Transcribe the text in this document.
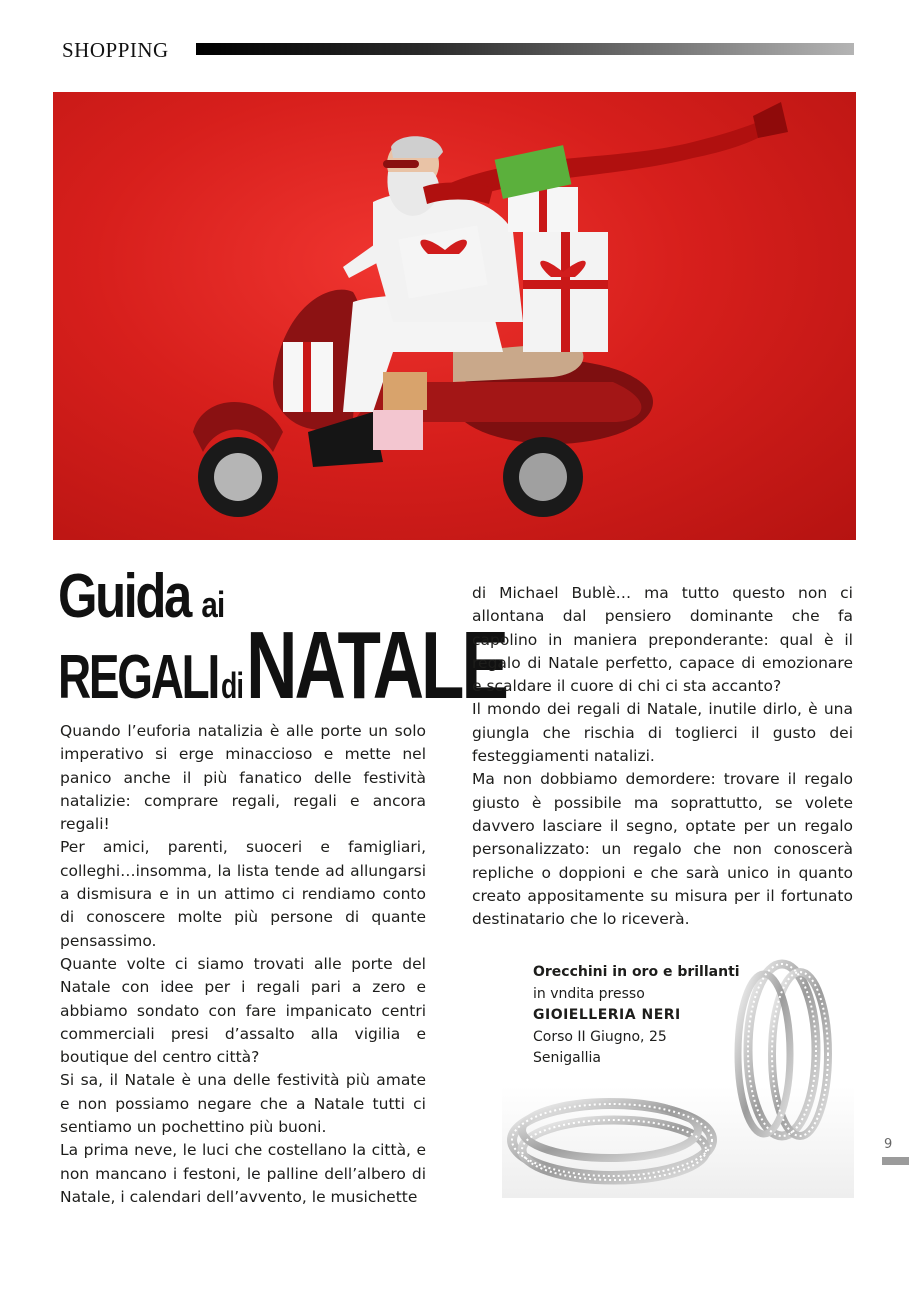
SHOPPING
Guida ai
REGALIdiNATALE

Quando l’euforia natalizia è alle porte un solo imperativo si erge minaccioso e mette nel panico anche il più fanatico delle festività natalizie: comprare regali, regali e ancora regali!

Per amici, parenti, suoceri e famigliari, colleghi…insomma, la lista tende ad allungarsi a dismisura e in un attimo ci rendiamo conto di conoscere molte più persone di quante pensassimo.

Quante volte ci siamo trovati alle porte del Natale con idee per i regali pari a zero e abbiamo sondato con fare impanicato centri commerciali presi d’assalto alla vigilia e boutique del centro città?

Si sa, il Natale è una delle festività più amate e non possiamo negare che a Natale tutti ci sentiamo un pochettino più buoni.

La prima neve, le luci che costellano la città, e non mancano i festoni, le palline dell’albero di Natale, i calendari dell’avvento, le musichette

di Michael Bublè… ma tutto questo non ci allontana dal pensiero dominante che fa capolino in maniera preponderante: qual è il regalo di Natale perfetto, capace di emozionare e scaldare il cuore di chi ci sta accanto?

Il mondo dei regali di Natale, inutile dirlo, è una giungla che rischia di toglierci il gusto dei festeggiamenti natalizi.

Ma non dobbiamo demordere: trovare il regalo giusto è possibile ma soprattutto, se volete davvero lasciare il segno, optate per un regalo personalizzato: un regalo che non conoscerà repliche o doppioni e che sarà unico in quanto creato appositamente su misura per il fortunato destinatario che lo riceverà.

Orecchini in oro e brillanti
in vndita presso
GIOIELLERIA NERI
Corso II Giugno, 25
Senigallia
9
